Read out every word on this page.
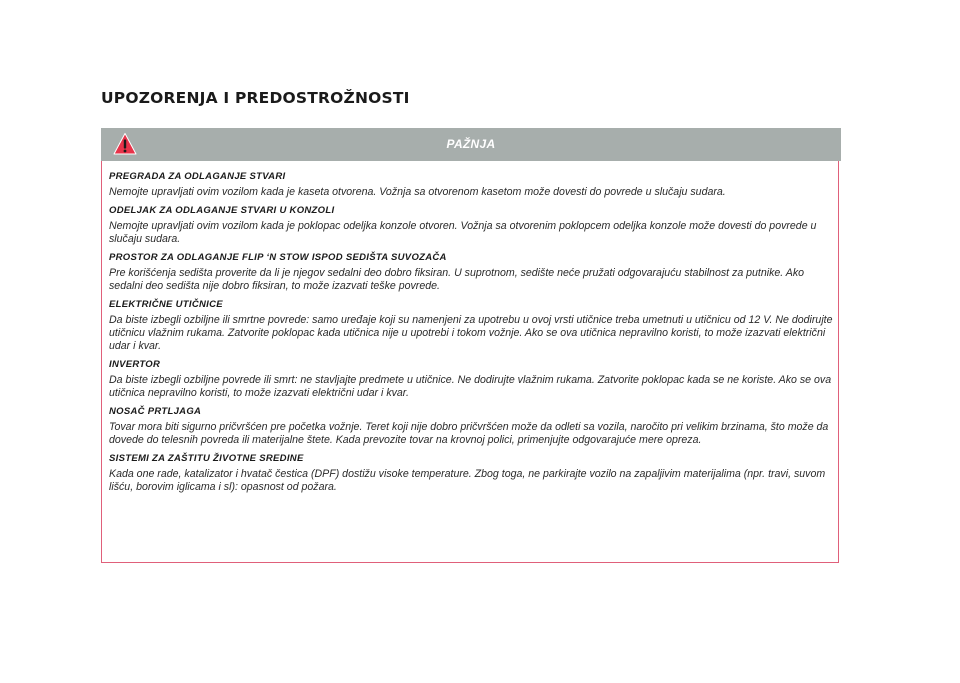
UPOZORENJA I PREDOSTROŽNOSTI
PAŽNJA

PREGRADA ZA ODLAGANJE STVARI

Nemojte upravljati ovim vozilom kada je kaseta otvorena. Vožnja sa otvorenom kasetom može dovesti do povrede u slučaju sudara.

ODELJAK ZA ODLAGANJE STVARI U KONZOLI

Nemojte upravljati ovim vozilom kada je poklopac odeljka konzole otvoren. Vožnja sa otvorenim poklopcem odeljka konzole može dovesti do povrede u slučaju sudara.

PROSTOR ZA ODLAGANJE FLIP ‘N STOW ISPOD SEDIŠTA SUVOZAČA

Pre korišćenja sedišta proverite da li je njegov sedalni deo dobro fiksiran. U suprotnom, sedište neće pružati odgovarajuću stabilnost za putnike. Ako sedalni deo sedišta nije dobro fiksiran, to može izazvati teške povrede.

ELEKTRIČNE UTIČNICE

Da biste izbegli ozbiljne ili smrtne povrede: samo uređaje koji su namenjeni za upotrebu u ovoj vrsti utičnice treba umetnuti u utičnicu od 12 V. Ne dodirujte utičnicu vlažnim rukama. Zatvorite poklopac kada utičnica nije u upotrebi i tokom vožnje. Ako se ova utičnica nepravilno koristi, to može izazvati električni udar i kvar.

INVERTOR

Da biste izbegli ozbiljne povrede ili smrt: ne stavljajte predmete u utičnice. Ne dodirujte vlažnim rukama. Zatvorite poklopac kada se ne koriste. Ako se ova utičnica nepravilno koristi, to može izazvati električni udar i kvar.

NOSAČ PRTLJAGA

Tovar mora biti sigurno pričvršćen pre početka vožnje. Teret koji nije dobro pričvršćen može da odleti sa vozila, naročito pri velikim brzinama, što može da dovede do telesnih povreda ili materijalne štete. Kada prevozite tovar na krovnoj polici, primenjujte odgovarajuće mere opreza.

SISTEMI ZA ZAŠTITU ŽIVOTNE SREDINE

Kada one rade, katalizator i hvatač čestica (DPF) dostižu visoke temperature. Zbog toga, ne parkirajte vozilo na zapaljivim materijalima (npr. travi, suvom lišću, borovim iglicama i sl): opasnost od požara.
